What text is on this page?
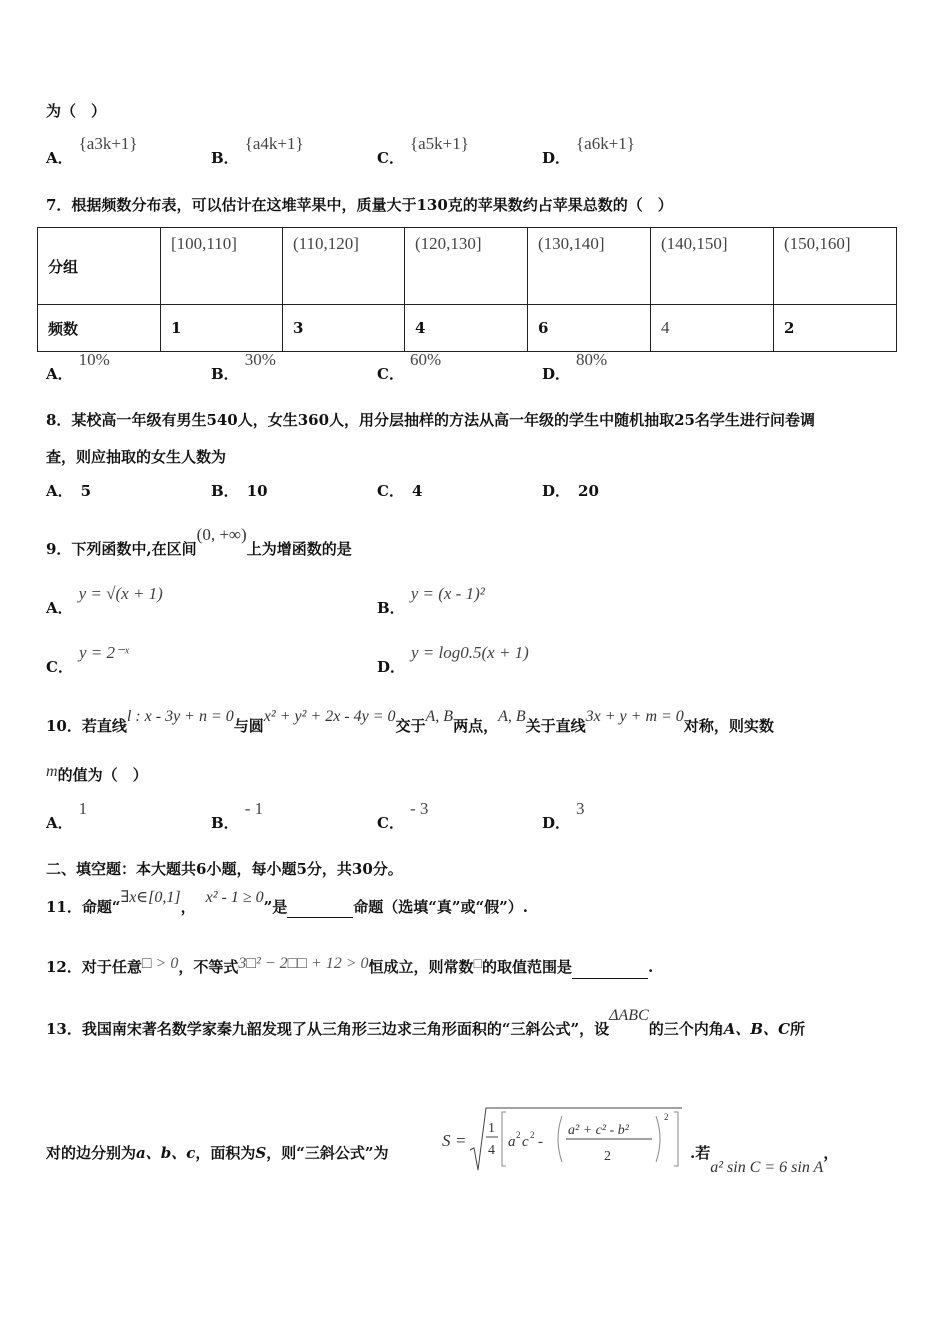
为（　）
A．{a3k+1}
B．{a4k+1}
C．{a5k+1}
D．{a6k+1}
7．根据频数分布表，可以估计在这堆苹果中，质量大于130克的苹果数约占苹果总数的（　）
分组	[100,110]	(110,120]	(120,130]	(130,140]	(140,150]	(150,160]
频数	1	3	4	6	4	2
A．10%
B．30%
C．60%
D．80%
8．某校高一年级有男生540人，女生360人，用分层抽样的方法从高一年级的学生中随机抽取25名学生进行问卷调
查，则应抽取的女生人数为
A． 5	B． 10	C． 4	D． 20
9．下列函数中,在区间(0, +∞)上为增函数的是
A．y = √(x + 1)
B．y = (x - 1)²
C．y = 2⁻ˣ
D．y = log0.5(x + 1)
10．若直线l : x - 3y + n = 0与圆x² + y² + 2x - 4y = 0交于A, B两点，A, B关于直线3x + y + m = 0对称，则实数
m的值为（　）
A．1
B．- 1
C．- 3
D．3
二、填空题：本大题共6小题，每小题5分，共30分。
11．命题“∃x∈[0,1]，x² - 1 ≥ 0”是	命题（选填“真”或“假”）.
12．对于任意□ > 0，不等式3□² − 2□□ + 12 > 0恒成立，则常数□的取值范围是	.
13．我国南宋著名数学家秦九韶发现了从三角形三边求三角形面积的“三斜公式”，设ΔABC的三个内角A、B、C所
对的边分别为a、b、c，面积为S，则“三斜公式”为
S =
1
4
a 2 c 2 -
a² + c² - b²
2
2
.若a² sin C = 6 sin A，
